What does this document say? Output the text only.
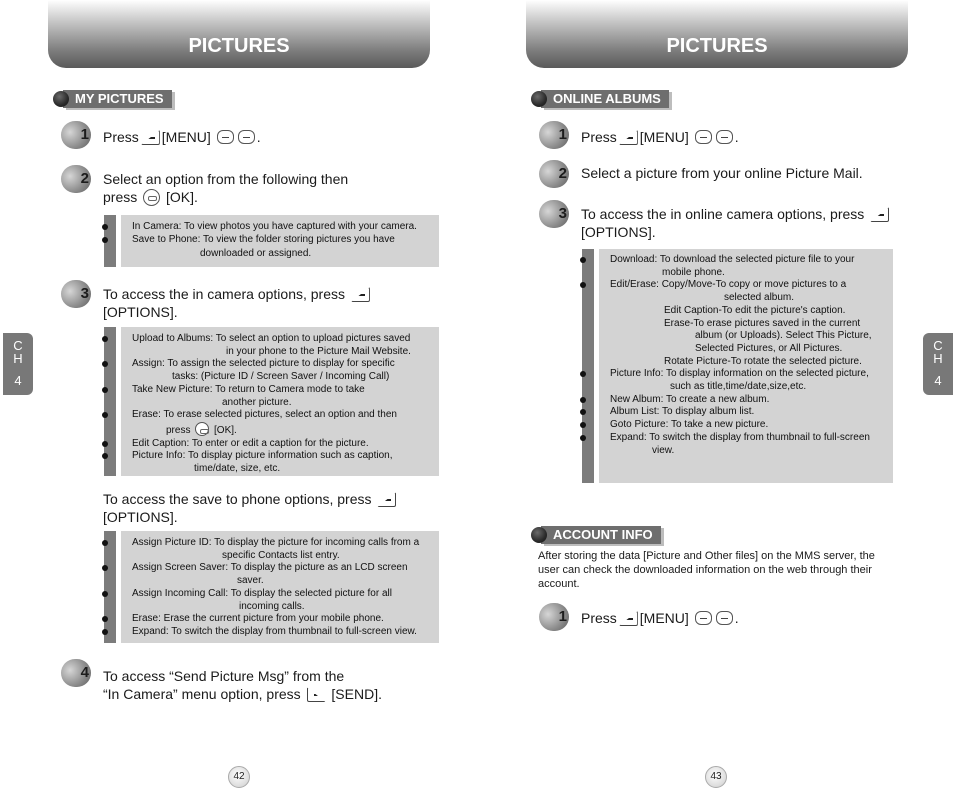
PICTURES
MY PICTURES
1 Press [MENU]	.
2 Select an option from the following then
press [OK].
In Camera: To view photos you have captured with your camera.
Save to Phone: To view the folder storing pictures you have
downloaded or assigned.
3 To access the in camera options, press
[OPTIONS].
Upload to Albums: To select an option to upload pictures saved
in your phone to the Picture Mail Website.
Assign: To assign the selected picture to display for specific
tasks: (Picture ID / Screen Saver / Incoming Call)
Take New Picture: To return to Camera mode to take
another picture.
Erase: To erase selected pictures, select an option and then
press [OK].
Edit Caption: To enter or edit a caption for the picture.
Picture Info: To display picture information such as caption,
time/date, size, etc.
To access the save to phone options, press
[OPTIONS].
Assign Picture ID: To display the picture for incoming calls from a
specific Contacts list entry.
Assign Screen Saver: To display the picture as an LCD screen
saver.
Assign Incoming Call: To display the selected picture for all
incoming calls.
Erase: Erase the current picture from your mobile phone.
Expand: To switch the display from thumbnail to full-screen view.
4 To access “Send Picture Msg” from the
“In Camera” menu option, press [SEND].
C
H
4
42
PICTURES
ONLINE ALBUMS
1 Press [MENU]	.
2 Select a picture from your online Picture Mail.
3 To access the in online camera options, press
[OPTIONS].
Download: To download the selected picture file to your
mobile phone.
Edit/Erase: Copy/Move-To copy or move pictures to a
selected album.
Edit Caption-To edit the picture's caption.
Erase-To erase pictures saved in the current
album (or Uploads). Select This Picture,
Selected Pictures, or All Pictures.
Rotate Picture-To rotate the selected picture.
Picture Info: To display information on the selected picture,
such as title,time/date,size,etc.
New Album: To create a new album.
Album List: To display album list.
Goto Picture: To take a new picture.
Expand: To switch the display from thumbnail to full-screen
view.
ACCOUNT INFO
After storing the data [Picture and Other files] on the MMS server, the
user can check the downloaded information on the web through their
account.
1 Press [MENU]	.
C
H
4
43
